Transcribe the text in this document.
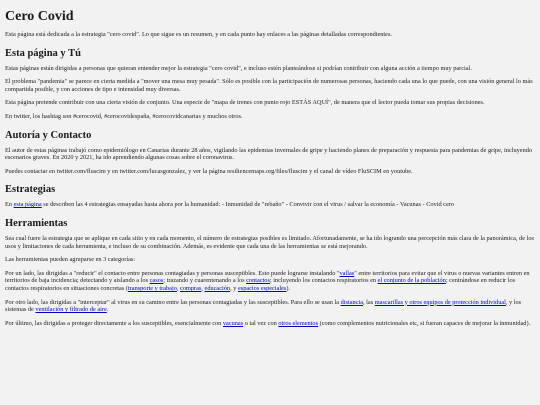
Cero Covid

Esta página está dedicada a la estrategia "cero covid". Lo que sigue es un resumen, y en cada punto hay enlaces a las páginas detalladas correspondientes.

Esta página y Tú

Estas páginas están dirigidas a personas que quieran entender mejor la estrategia "cero covid", e incluso estén planteándose si podrían contribuir con alguna acción a tiempo muy parcial.

El problema "pandemia" se parece en cierta medida a "mover una mesa muy pesada". Sólo es posible con la participación de numerosas personas, haciendo cada una lo que puede, con una visión general lo más compartida posible, y con acciones de tipo e intensidad muy diversas.

Esta página pretende contribuir con una cierta visión de conjunto. Una especie de "mapa de trenes con punto rojo ESTÁS AQUÍ", de manera que el lector pueda tomar sus propias decisiones.

En twitter, los hashtag son #cerocovid, #cerocovidespaña, #cerocovidcanarias y muchos otros.

Autoría y Contacto

El autor de estas páginas trabajó como epidemiólogo en Canarias durante 28 años, vigilando las epidemias invernales de gripe y haciendo planes de preparación y respuesta para pandemias de gripe, incluyendo escenarios graves. En 2020 y 2021, ha ido aprendiendo algunas cosas sobre el coronavirus.

Puedes contactar en twitter.com/fluscim y en twitter.com/lucasgonzalez, y ver la página resiliencemaps.org/files/fluscim y el canal de vídeo FluSCIM en youtube.

Estrategias

En esta página se describen las 4 estrategias ensayadas hasta ahora por la humanidad: - Inmunidad de "rebaño" - Convivir con el virus / salvar la economía - Vacunas - Covid cero

Herramientas

Sea cual fuere la estrategia que se aplique en cada sitio y en cada momento, el número de estrategias posibles es limitado. Afortunadamente, se ha ido logrando una percepción más clara de la panorámica, de los usos y limitaciones de cada herramienta, e incluso de su combinación. Además, es evidente que cada una de las herramientas se está mejorando.

Las herramientas pueden agruparse en 3 categorías:

Por un lado, las dirigidas a "reducir" el contacto entre personas contagiadas y personas susceptibles. Esto puede lograrse instalando "vallas" entre territorios para evitar que el virus o nuevas variantes entren en territorios de baja incidencia; detectando y aislando a los casos; trazando y cuarentenando a los contactos; incluyendo los contactos respiratorios en el conjunto de la población; centrándose en reducir los contactos respiratorios en situaciones concretas (transporte y trabajo, compras, educación, y espacios especiales).

Por otro lado, las dirigidas a "interceptar" al virus en su camino entre las personas contagiadas y las susceptibles. Para ello se usan la distancia, las mascarillas y otros equipos de protección individual, y los sistemas de ventilación y filtrado de aire.

Por último, las dirigidas a proteger directamente a los susceptibles, esencialmente con vacunas o tal vez con otros elementos (como complementos nutricionales etc, si fueran capaces de mejorar la inmunidad).
